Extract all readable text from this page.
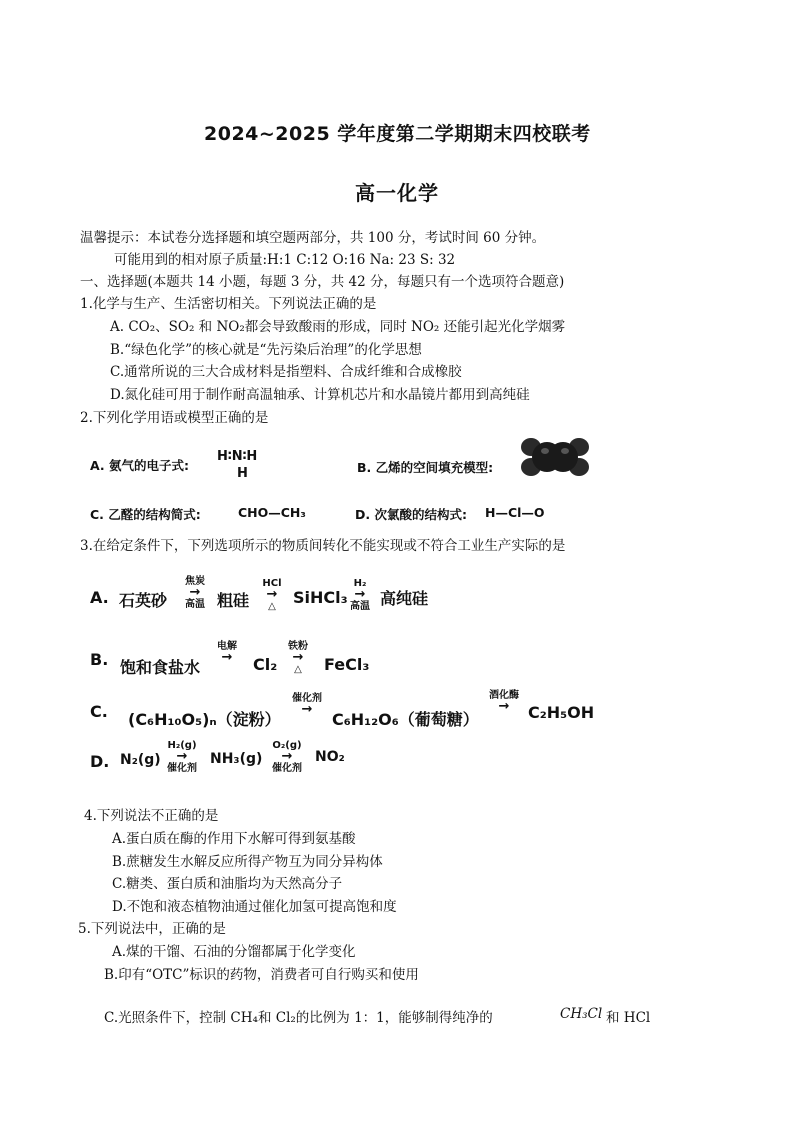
2024~2025 学年度第二学期期末四校联考
高一化学
温馨提示：本试卷分选择题和填空题两部分，共 100 分，考试时间 60 分钟。
可能用到的相对原子质量:H:1 C:12 O:16 Na: 23 S: 32
一、选择题(本题共 14 小题，每题 3 分，共 42 分，每题只有一个选项符合题意)
1.化学与生产、生活密切相关。下列说法正确的是
A. CO₂、SO₂ 和 NO₂都会导致酸雨的形成，同时 NO₂ 还能引起光化学烟雾
B.“绿色化学”的核心就是“先污染后治理”的化学思想
C.通常所说的三大合成材料是指塑料、合成纤维和合成橡胶
D.氮化硅可用于制作耐高温轴承、计算机芯片和水晶镜片都用到高纯硅
2.下列化学用语或模型正确的是
A. 氨气的电子式:
H∶N∶H
H	B. 乙烯的空间填充模型:
C. 乙醛的结构简式:	CHO—CH₃	D. 次氯酸的结构式: H—Cl—O
3.在给定条件下，下列选项所示的物质间转化不能实现或不符合工业生产实际的是
A. 石英砂
焦炭
→
高温 粗硅
HCl
→
△	SiHCl₃
H₂
→
高温 高纯硅
B. 饱和食盐水
电解
→	Cl₂
铁粉
→
△	FeCl₃
C. (C₆H₁₀O₅)ₙ（淀粉）
催化剂
→
C₆H₁₂O₆（葡萄糖）
酒化酶
→	C₂H₅OH
D. N₂(g)
H₂(g)
→
催化剂
NH₃(g)
O₂(g)
→
催化剂
NO₂
4.下列说法不正确的是
A.蛋白质在酶的作用下水解可得到氨基酸
B.蔗糖发生水解反应所得产物互为同分异构体
C.糖类、蛋白质和油脂均为天然高分子
D.不饱和液态植物油通过催化加氢可提高饱和度
5.下列说法中，正确的是
A.煤的干馏、石油的分馏都属于化学变化
B.印有“OTC”标识的药物，消费者可自行购买和使用
C.光照条件下，控制 CH₄和 Cl₂的比例为 1：1，能够制得纯净的	CH₃Cl 和 HCl
